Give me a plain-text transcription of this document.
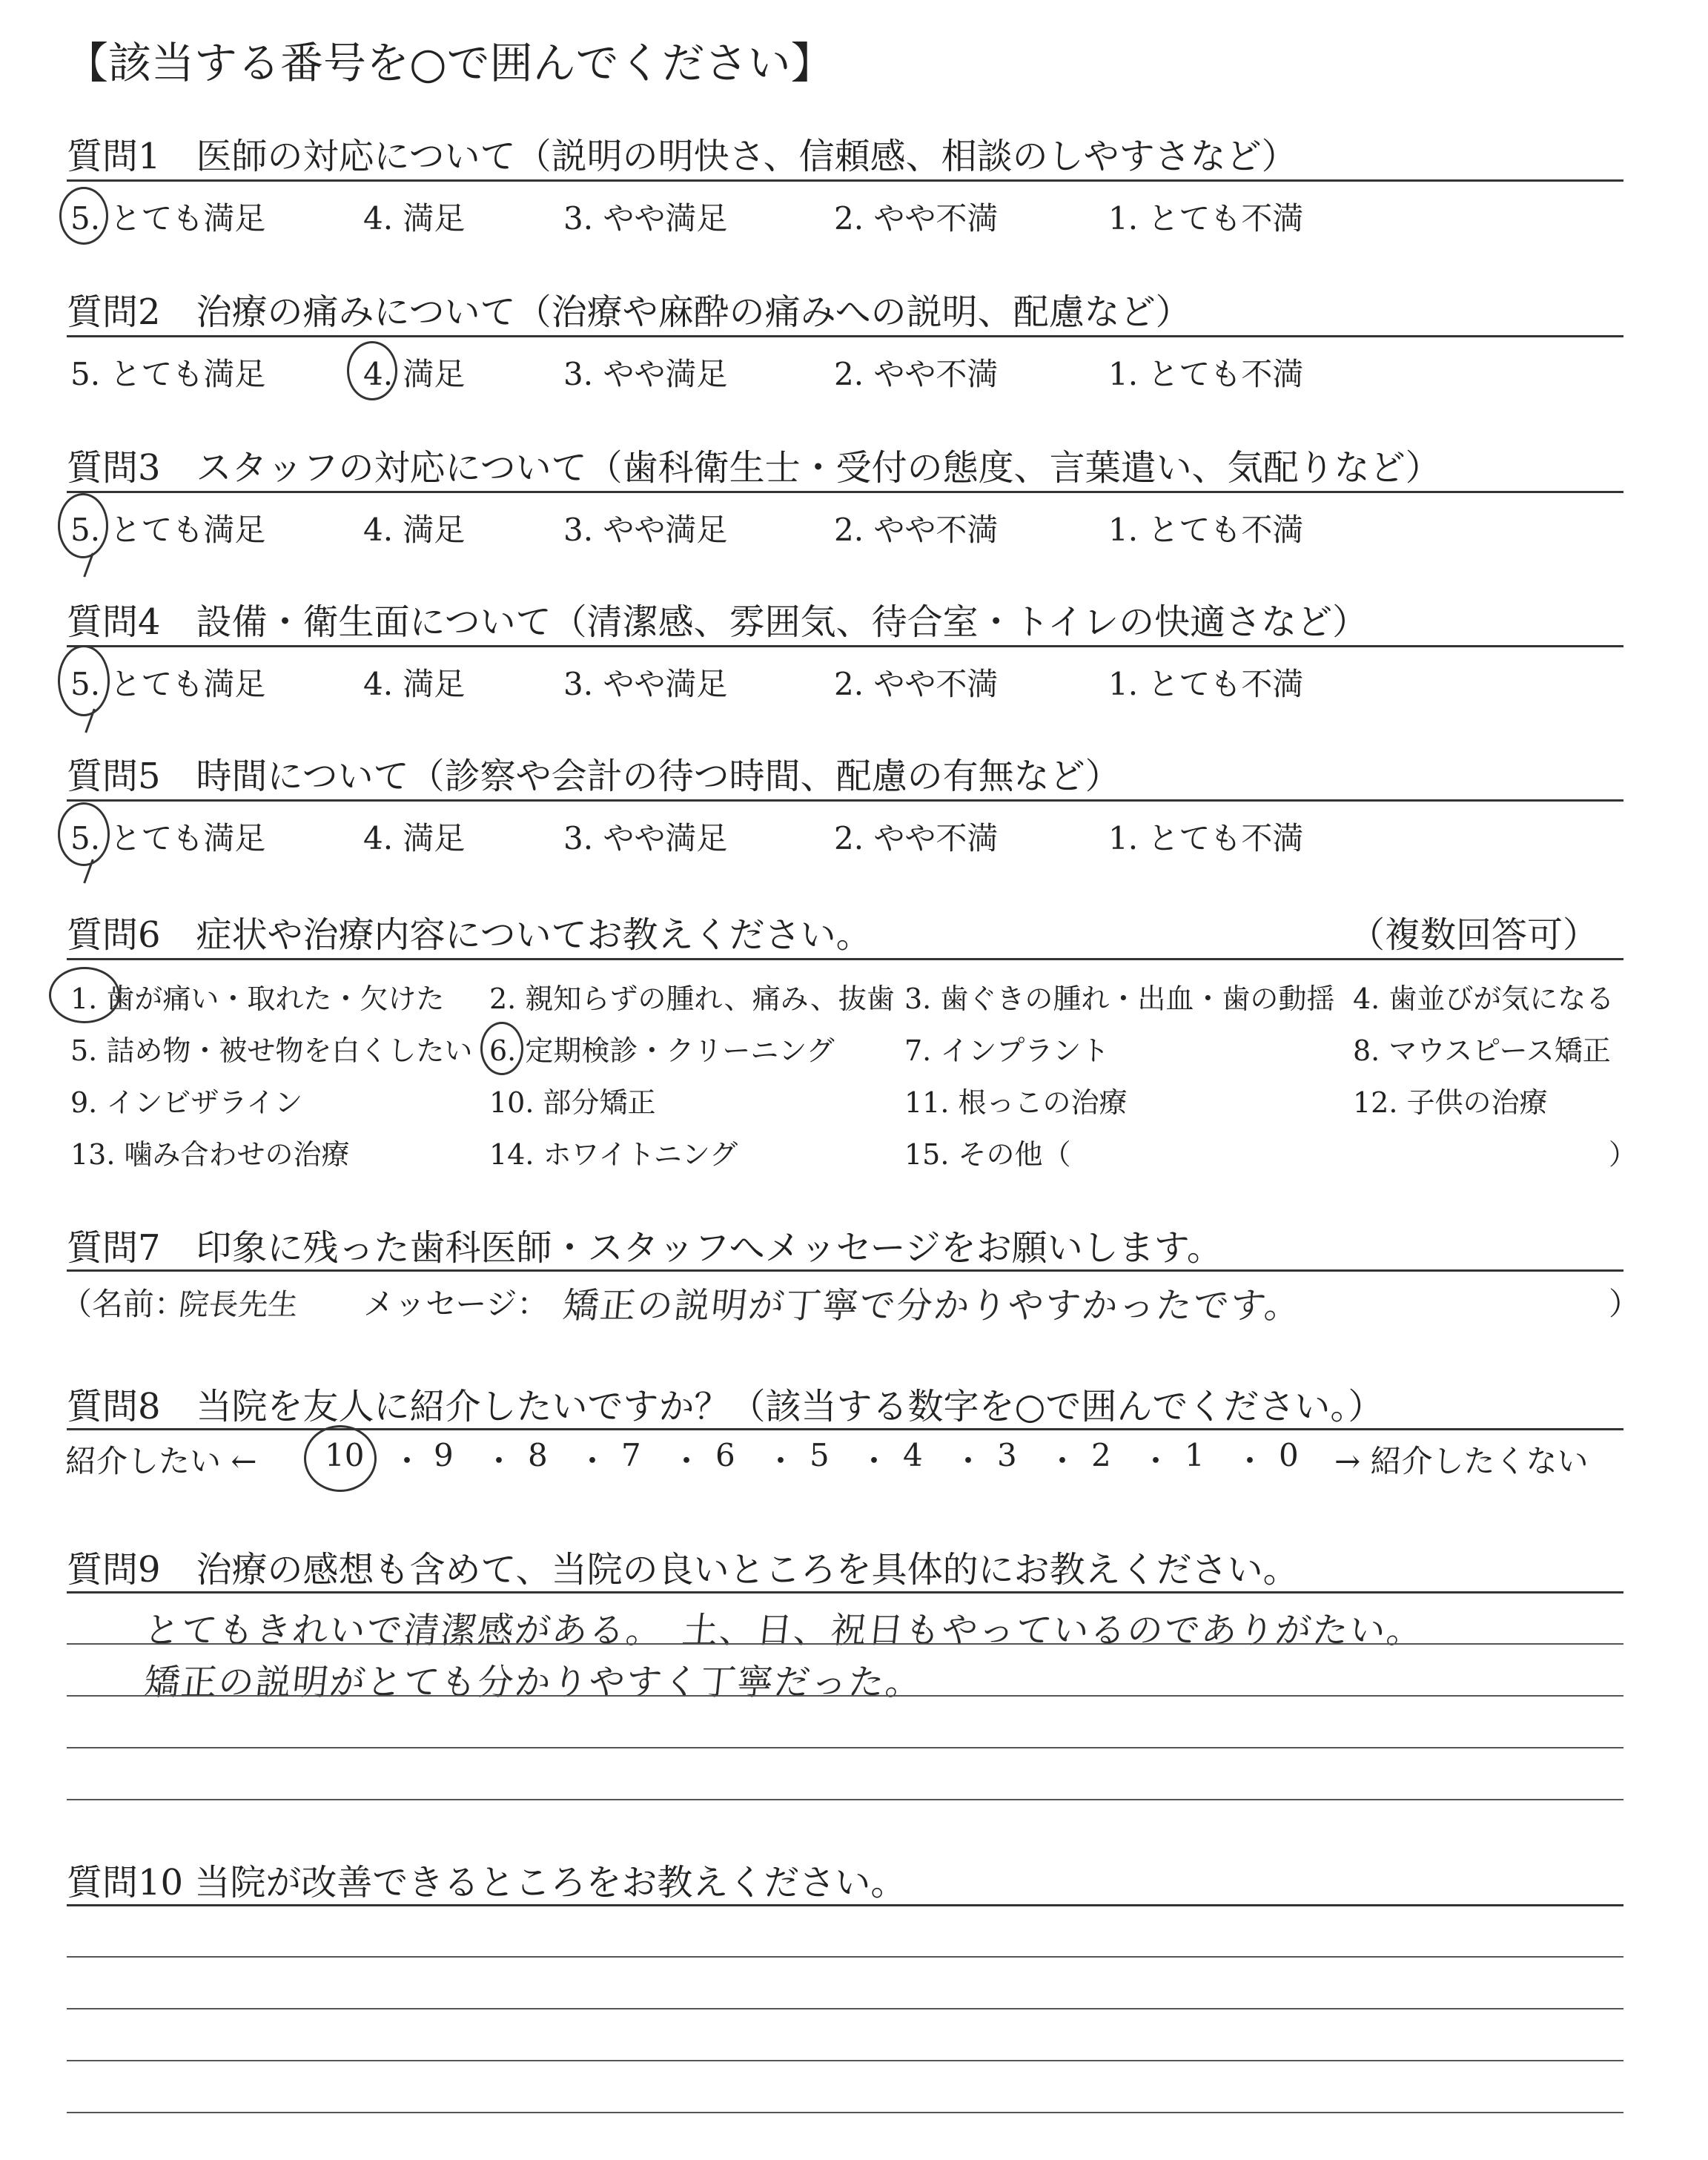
【該当する番号を○で囲んでください】
質問1　医師の対応について（説明の明快さ、信頼感、相談のしやすさなど）
5. とても満足	4. 満足	3. やや満足	2. やや不満	1. とても不満
質問2　治療の痛みについて（治療や麻酔の痛みへの説明、配慮など）
5. とても満足	4. 満足	3. やや満足	2. やや不満	1. とても不満
質問3　スタッフの対応について（歯科衛生士・受付の態度、言葉遣い、気配りなど）
5. とても満足	4. 満足	3. やや満足	2. やや不満	1. とても不満
質問4　設備・衛生面について（清潔感、雰囲気、待合室・トイレの快適さなど）
5. とても満足	4. 満足	3. やや満足	2. やや不満	1. とても不満
質問5　時間について（診察や会計の待つ時間、配慮の有無など）
5. とても満足	4. 満足	3. やや満足	2. やや不満	1. とても不満
質問6　症状や治療内容についてお教えください。	（複数回答可）
1. 歯が痛い・取れた・欠けた 2. 親知らずの腫れ、痛み、抜歯 3. 歯ぐきの腫れ・出血・歯の動揺 4. 歯並びが気になる
5. 詰め物・被せ物を白くしたい 6. 定期検診・クリーニング 7. インプラント	8. マウスピース矯正
9. インビザライン	10. 部分矯正	11. 根っこの治療	12. 子供の治療
13. 噛み合わせの治療	14. ホワイトニング	15. その他（	）
質問7　印象に残った歯科医師・スタッフへメッセージをお願いします。
（名前：
院長先生 メッセージ： 矯正の説明が丁寧で分かりやすかったです。	）
質問8　当院を友人に紹介したいですか？（該当する数字を○で囲んでください。）
紹介したい ← 10 ・ 9 ・ 8 ・ 7 ・ 6 ・ 5 ・ 4 ・ 3 ・ 2 ・ 1 ・ 0 → 紹介したくない
質問9　治療の感想も含めて、当院の良いところを具体的にお教えください。
とてもきれいで清潔感がある。　土、日、祝日もやっているのでありがたい。
矯正の説明がとても分かりやすく丁寧だった。
質問10 当院が改善できるところをお教えください。
